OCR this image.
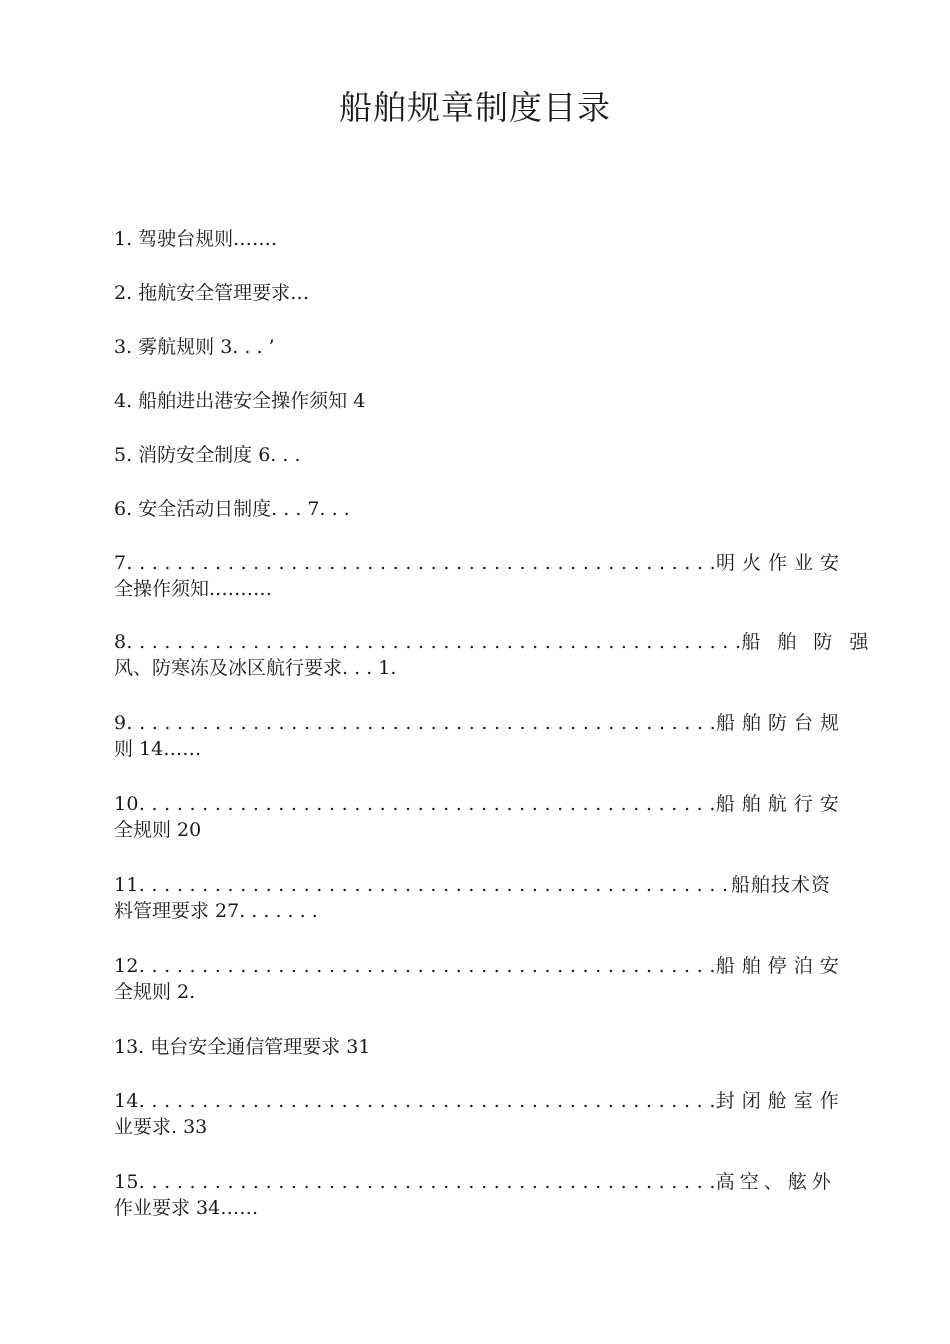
船舶规章制度目录
1. 驾驶台规则.……
2. 拖航安全管理要求…
3. 雾航规则 3. . . ’
4. 船舶进出港安全操作须知 4
5. 消防安全制度 6. . .
6. 安全活动日制度. . . 7. . .
7. . . . . . . . . . . . . . . . . . . . . . . . . . . . . . . . . . . . . . . . . . . . . . . 明火作业安
全操作须知.………
8. . . . . . . . . . . . . . . . . . . . . . . . . . . . . . . . . . . . . . . . . . . . . . . . . 船舶防强
风、防寒冻及冰区航行要求. . . 1.
9. . . . . . . . . . . . . . . . . . . . . . . . . . . . . . . . . . . . . . . . . . . . . . . 船舶防台规
则 14……
10. . . . . . . . . . . . . . . . . . . . . . . . . . . . . . . . . . . . . . . . . . . . . . 船舶航行安
全规则 20
11. . . . . . . . . . . . . . . . . . . . . . . . . . . . . . . . . . . . . . . . . . . . . . . 船舶技术资
料管理要求 27. . . . . . .
12. . . . . . . . . . . . . . . . . . . . . . . . . . . . . . . . . . . . . . . . . . . . . . 船舶停泊安
全规则 2.
13. 电台安全通信管理要求 31
14. . . . . . . . . . . . . . . . . . . . . . . . . . . . . . . . . . . . . . . . . . . . . . 封闭舱室作
业要求. 33
15. . . . . . . . . . . . . . . . . . . . . . . . . . . . . . . . . . . . . . . . . . . . . . 高空、舷外
作业要求 34……
